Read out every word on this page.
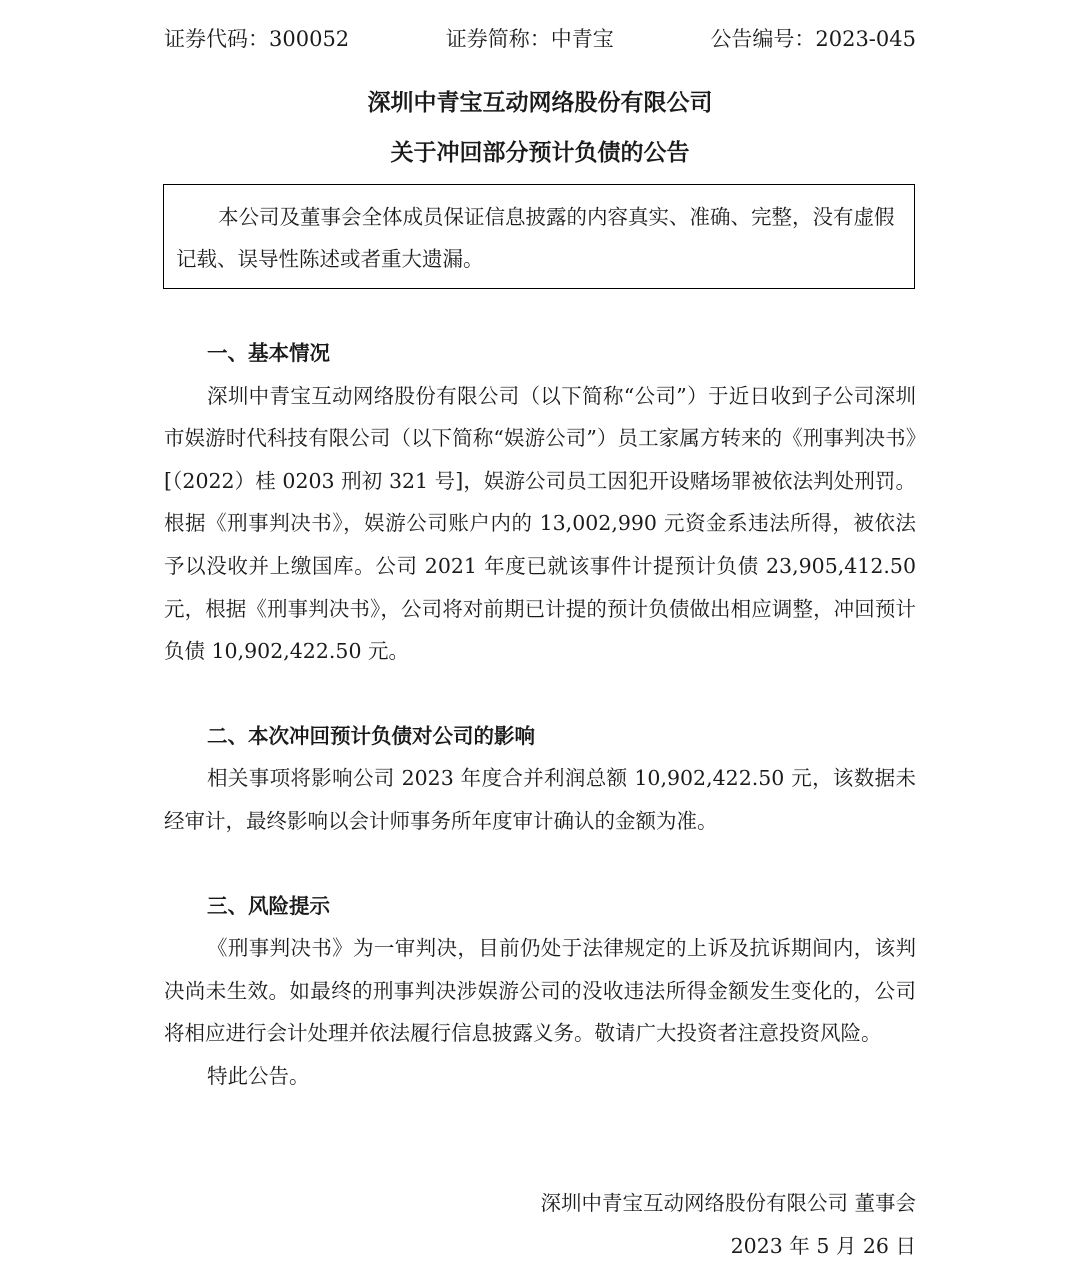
证券代码：300052	证券简称：中青宝	公告编号：2023-045
深圳中青宝互动网络股份有限公司
关于冲回部分预计负债的公告
本公司及董事会全体成员保证信息披露的内容真实、准确、完整，没有虚假记载、误导性陈述或者重大遗漏。

一、基本情况

深圳中青宝互动网络股份有限公司（以下简称“公司”）于近日收到子公司深圳市娱游时代科技有限公司（以下简称“娱游公司”）员工家属方转来的《刑事判决书》[（2022）桂 0203 刑初 321 号]，娱游公司员工因犯开设赌场罪被依法判处刑罚。根据《刑事判决书》，娱游公司账户内的 13,002,990 元资金系违法所得，被依法予以没收并上缴国库。公司 2021 年度已就该事件计提预计负债 23,905,412.50 元，根据《刑事判决书》，公司将对前期已计提的预计负债做出相应调整，冲回预计负债 10,902,422.50 元。

二、本次冲回预计负债对公司的影响

相关事项将影响公司 2023 年度合并利润总额 10,902,422.50 元，该数据未经审计，最终影响以会计师事务所年度审计确认的金额为准。

三、风险提示

《刑事判决书》为一审判决，目前仍处于法律规定的上诉及抗诉期间内，该判决尚未生效。如最终的刑事判决涉娱游公司的没收违法所得金额发生变化的，公司将相应进行会计处理并依法履行信息披露义务。敬请广大投资者注意投资风险。

特此公告。

深圳中青宝互动网络股份有限公司 董事会
2023 年 5 月 26 日
